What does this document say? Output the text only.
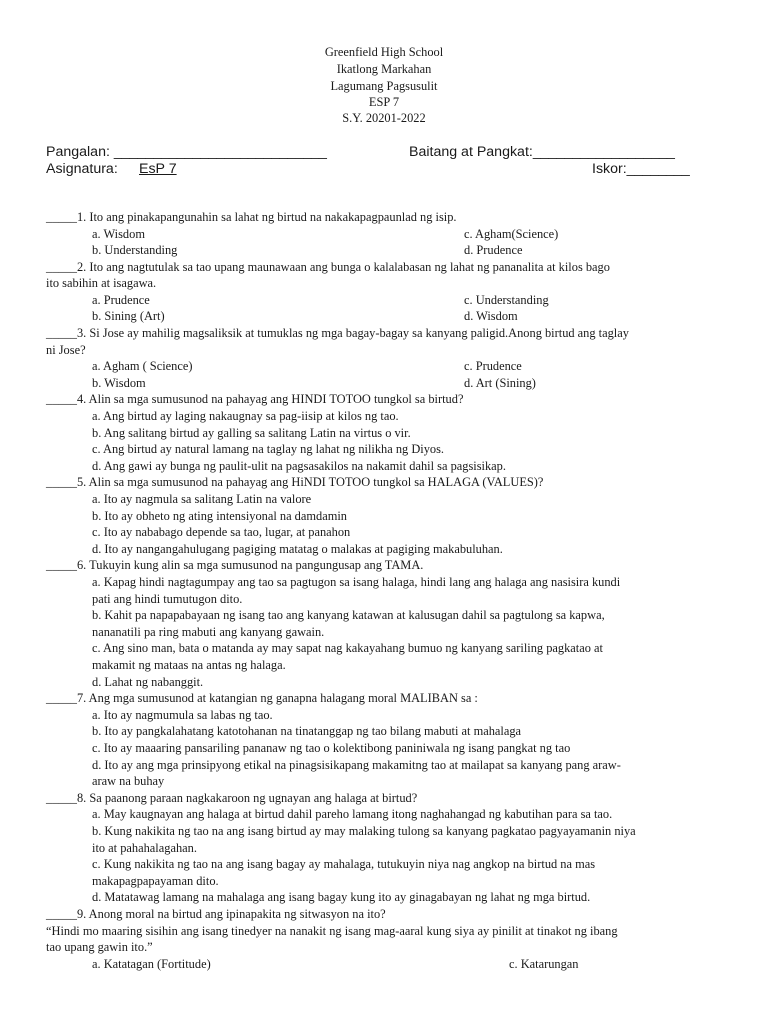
Greenfield High School
Ikatlong Markahan
Lagumang Pagsusulit
ESP 7
S.Y. 20201-2022
Pangalan: ___________________________	Baitang at Pangkat:__________________
Asignatura: EsP 7	Iskor:________
_____1. Ito ang pinakapangunahin sa lahat ng birtud na nakakapagpaunlad ng isip.
a. Wisdom	c. Agham(Science)
b. Understanding	d. Prudence
_____2. Ito ang nagtutulak sa tao upang maunawaan ang bunga o kalalabasan ng lahat ng pananalita at kilos bago
ito sabihin at isagawa.
a. Prudence	c. Understanding
b. Sining (Art)	d. Wisdom
_____3. Si Jose ay mahilig magsaliksik at tumuklas ng mga bagay-bagay sa kanyang paligid.Anong birtud ang taglay
ni Jose?
a. Agham ( Science)	c. Prudence
b. Wisdom	d. Art (Sining)
_____4. Alin sa mga sumusunod na pahayag ang HINDI TOTOO tungkol sa birtud?
a. Ang birtud ay laging nakaugnay sa pag-iisip at kilos ng tao.
b. Ang salitang birtud ay galling sa salitang Latin na virtus o vir.
c. Ang birtud ay natural lamang na taglay ng lahat ng nilikha ng Diyos.
d. Ang gawi ay bunga ng paulit-ulit na pagsasakilos na nakamit dahil sa pagsisikap.
_____5. Alin sa mga sumusunod na pahayag ang HiNDI TOTOO tungkol sa HALAGA (VALUES)?
a. Ito ay nagmula sa salitang Latin na valore
b. Ito ay obheto ng ating intensiyonal na damdamin
c. Ito ay nababago depende sa tao, lugar, at panahon
d. Ito ay nangangahulugang pagiging matatag o malakas at pagiging makabuluhan.
_____6. Tukuyin kung alin sa mga sumusunod na pangungusap ang TAMA.
a. Kapag hindi nagtagumpay ang tao sa pagtugon sa isang halaga, hindi lang ang halaga ang nasisira kundi
pati ang hindi tumutugon dito.
b. Kahit pa napapabayaan ng isang tao ang kanyang katawan at kalusugan dahil sa pagtulong sa kapwa,
nananatili pa ring mabuti ang kanyang gawain.
c. Ang sino man, bata o matanda ay may sapat nag kakayahang bumuo ng kanyang sariling pagkatao at
makamit ng mataas na antas ng halaga.
d. Lahat ng nabanggit.
_____7. Ang mga sumusunod at katangian ng ganapna halagang moral MALIBAN sa :
a. Ito ay nagmumula sa labas ng tao.
b. Ito ay pangkalahatang katotohanan na tinatanggap ng tao bilang mabuti at mahalaga
c. Ito ay maaaring pansariling pananaw ng tao o kolektibong paniniwala ng isang pangkat ng tao
d. Ito ay ang mga prinsipyong etikal na pinagsisikapang makamitng tao at mailapat sa kanyang pang araw-
araw na buhay
_____8. Sa paanong paraan nagkakaroon ng ugnayan ang halaga at birtud?
a. May kaugnayan ang halaga at birtud dahil pareho lamang itong naghahangad ng kabutihan para sa tao.
b. Kung nakikita ng tao na ang isang birtud ay may malaking tulong sa kanyang pagkatao pagyayamanin niya
ito at pahahalagahan.
c. Kung nakikita ng tao na ang isang bagay ay mahalaga, tutukuyin niya nag angkop na birtud na mas
makapagpapayaman dito.
d. Matatawag lamang na mahalaga ang isang bagay kung ito ay ginagabayan ng lahat ng mga birtud.
_____9. Anong moral na birtud ang ipinapakita ng sitwasyon na ito?
“Hindi mo maaring sisihin ang isang tinedyer na nanakit ng isang mag-aaral kung siya ay pinilit at tinakot ng ibang
tao upang gawin ito.”
a. Katatagan (Fortitude)	c. Katarungan
